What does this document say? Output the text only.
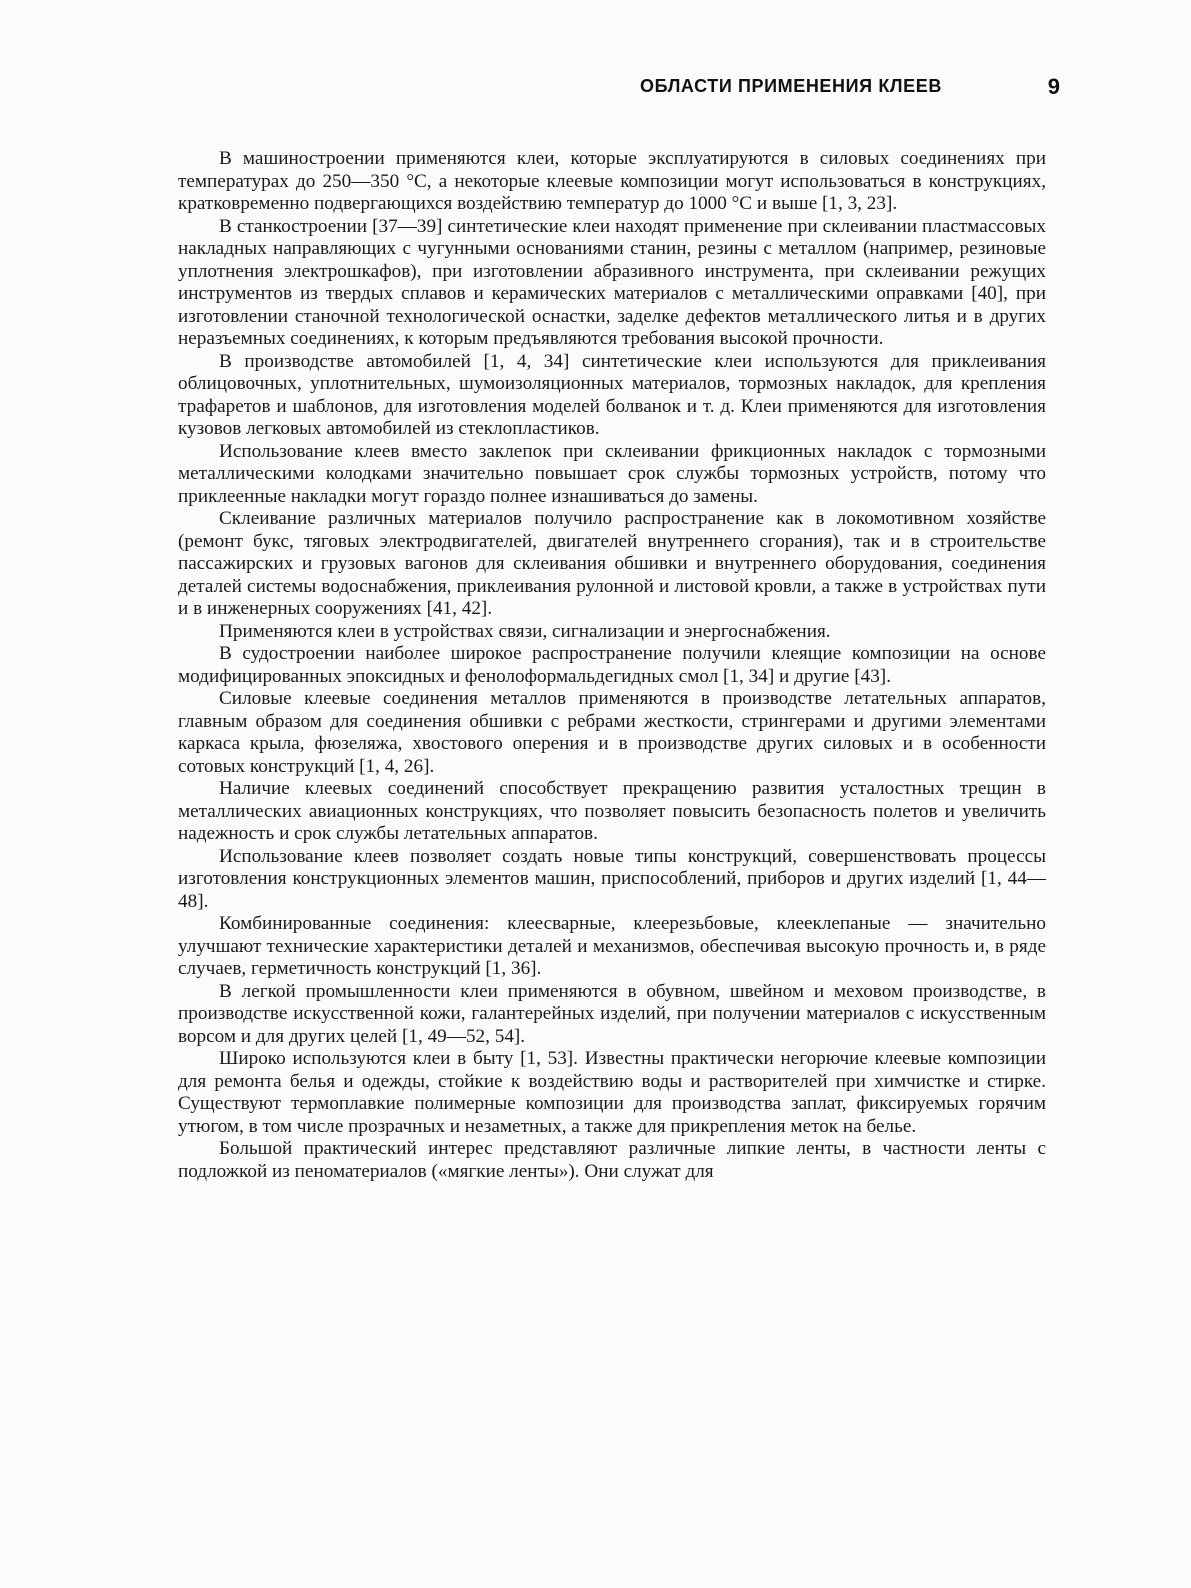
ОБЛАСТИ ПРИМЕНЕНИЯ КЛЕЕВ	9

В машиностроении применяются клеи, которые эксплуатируются в силовых соединениях при температурах до 250—350 °С, а некоторые клеевые композиции могут использоваться в конструкциях, кратковременно подвергающихся воздействию температур до 1000 °С и выше [1, 3, 23].

В станкостроении [37—39] синтетические клеи находят применение при склеивании пластмассовых накладных направляющих с чугунными основаниями станин, резины с металлом (например, резиновые уплотнения электрошкафов), при изготовлении абразивного инструмента, при склеивании режущих инструментов из твердых сплавов и керамических материалов с металлическими оправками [40], при изготовлении станочной технологической оснастки, заделке дефектов металлического литья и в других неразъемных соединениях, к которым предъявляются требования высокой прочности.

В производстве автомобилей [1, 4, 34] синтетические клеи используются для приклеивания облицовочных, уплотнительных, шумоизоляционных материалов, тормозных накладок, для крепления трафаретов и шаблонов, для изготовления моделей болванок и т. д. Клеи применяются для изготовления кузовов легковых автомобилей из стеклопластиков.

Использование клеев вместо заклепок при склеивании фрикционных накладок с тормозными металлическими колодками значительно повышает срок службы тормозных устройств, потому что приклеенные накладки могут гораздо полнее изнашиваться до замены.

Склеивание различных материалов получило распространение как в локомотивном хозяйстве (ремонт букс, тяговых электродвигателей, двигателей внутреннего сгорания), так и в строительстве пассажирских и грузовых вагонов для склеивания обшивки и внутреннего оборудования, соединения деталей системы водоснабжения, приклеивания рулонной и листовой кровли, а также в устройствах пути и в инженерных сооружениях [41, 42].

Применяются клеи в устройствах связи, сигнализации и энергоснабжения.

В судостроении наиболее широкое распространение получили клеящие композиции на основе модифицированных эпоксидных и фенолоформальдегидных смол [1, 34] и другие [43].

Силовые клеевые соединения металлов применяются в производстве летательных аппаратов, главным образом для соединения обшивки с ребрами жесткости, стрингерами и другими элементами каркаса крыла, фюзеляжа, хвостового оперения и в производстве других силовых и в особенности сотовых конструкций [1, 4, 26].

Наличие клеевых соединений способствует прекращению развития усталостных трещин в металлических авиационных конструкциях, что позволяет повысить безопасность полетов и увеличить надежность и срок службы летательных аппаратов.

Использование клеев позволяет создать новые типы конструкций, совершенствовать процессы изготовления конструкционных элементов машин, приспособлений, приборов и других изделий [1, 44—48].

Комбинированные соединения: клеесварные, клеерезьбовые, клееклепаные — значительно улучшают технические характеристики деталей и механизмов, обеспечивая высокую прочность и, в ряде случаев, герметичность конструкций [1, 36].

В легкой промышленности клеи применяются в обувном, швейном и меховом производстве, в производстве искусственной кожи, галантерейных изделий, при получении материалов с искусственным ворсом и для других целей [1, 49—52, 54].

Широко используются клеи в быту [1, 53]. Известны практически негорючие клеевые композиции для ремонта белья и одежды, стойкие к воздействию воды и растворителей при химчистке и стирке. Существуют термоплавкие полимерные композиции для производства заплат, фиксируемых горячим утюгом, в том числе прозрачных и незаметных, а также для прикрепления меток на белье.

Большой практический интерес представляют различные липкие ленты, в частности ленты с подложкой из пеноматериалов («мягкие ленты»). Они служат для
